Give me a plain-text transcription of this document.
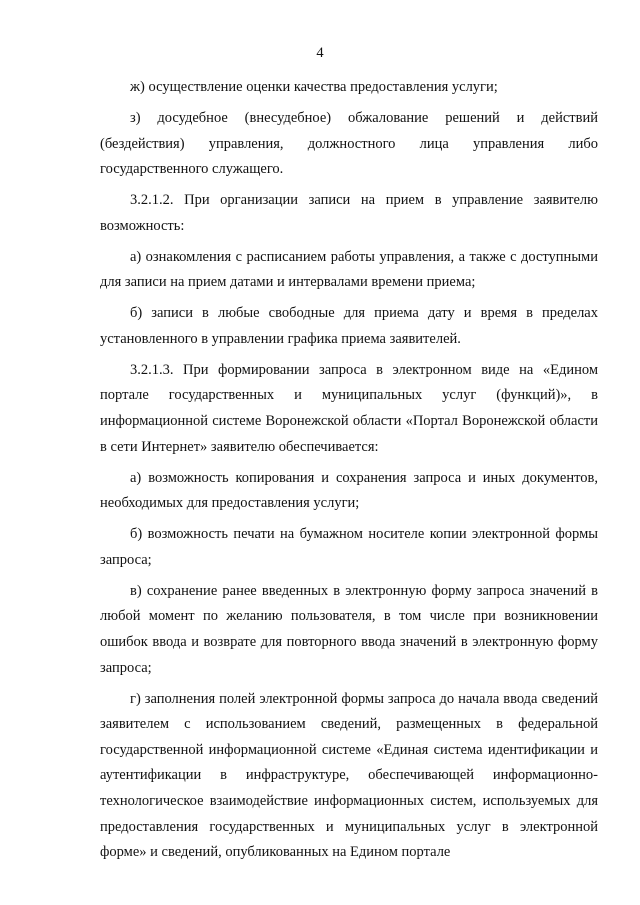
4

ж) осуществление оценки качества предоставления услуги;

з) досудебное (внесудебное) обжалование решений и действий (бездействия) управления, должностного лица управления либо государственного служащего.

3.2.1.2. При организации записи на прием в управление заявителю возможность:

а) ознакомления с расписанием работы управления, а также с доступными для записи на прием датами и интервалами времени приема;

б) записи в любые свободные для приема дату и время в пределах установленного в управлении графика приема заявителей.

3.2.1.3. При формировании запроса в электронном виде на «Едином портале государственных и муниципальных услуг (функций)», в информационной системе Воронежской области «Портал Воронежской области в сети Интернет» заявителю обеспечивается:

а) возможность копирования и сохранения запроса и иных документов, необходимых для предоставления услуги;

б) возможность печати на бумажном носителе копии электронной формы запроса;

в) сохранение ранее введенных в электронную форму запроса значений в любой момент по желанию пользователя, в том числе при возникновении ошибок ввода и возврате для повторного ввода значений в электронную форму запроса;

г) заполнения полей электронной формы запроса до начала ввода сведений заявителем с использованием сведений, размещенных в федеральной государственной информационной системе «Единая система идентификации и аутентификации в инфраструктуре, обеспечивающей информационно-технологическое взаимодействие информационных систем, используемых для предоставления государственных и муниципальных услуг в электронной форме» и сведений, опубликованных на Едином портале
